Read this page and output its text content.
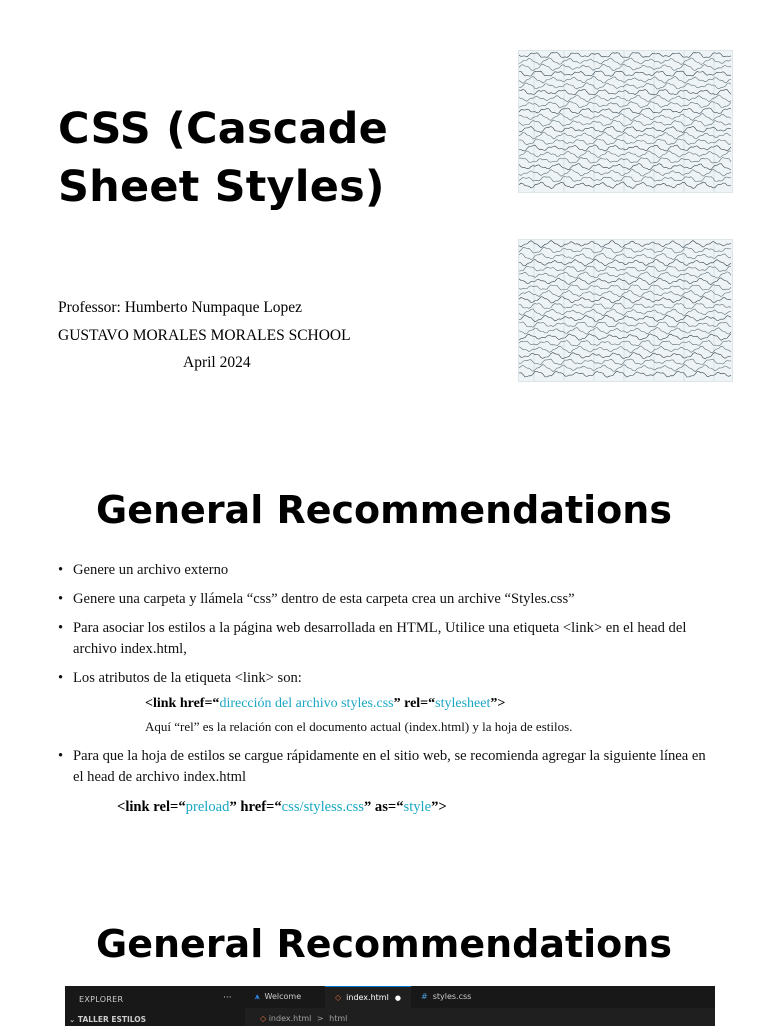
CSS (Cascade
Sheet Styles)
Professor: Humberto Numpaque Lopez
GUSTAVO MORALES MORALES SCHOOL
April 2024
General Recommendations
• Genere un archivo externo
• Genere una carpeta y llámela “css” dentro de esta carpeta crea un archive “Styles.css”
• Para asociar los estilos a la página web desarrollada en HTML, Utilice una etiqueta <link> en el head del archivo index.html,
• Los atributos de la etiqueta <link> son:
<link href=“dirección del archivo styles.css” rel=“stylesheet”>
Aquí “rel” es la relación con el documento actual (index.html) y la hoja de estilos.
• Para que la hoja de estilos se cargue rápidamente en el sitio web, se recomienda agregar la siguiente línea en el head de archivo index.html
<link rel=“preload” href=“css/styless.css” as=“style”>
General Recommendations
EXPLORER	···
⌄ TALLER ESTILOS
⩚ Welcome	◇ index.html ●	# styles.css
◇ index.html > html
